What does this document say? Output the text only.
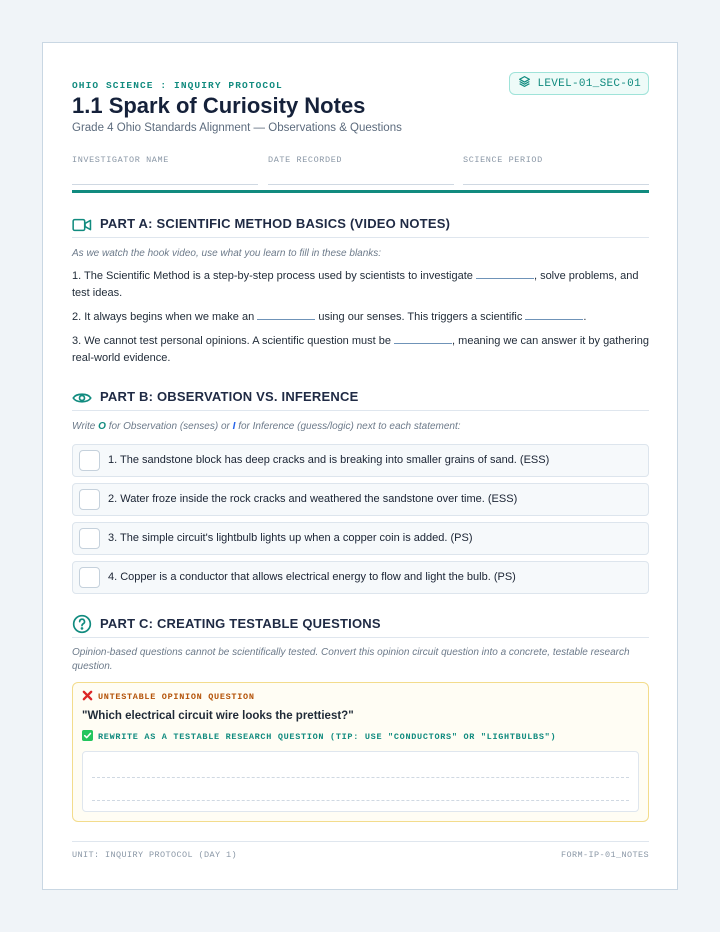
OHIO SCIENCE : INQUIRY PROTOCOL	LEVEL-01_SEC-01
1.1 Spark of Curiosity Notes
Grade 4 Ohio Standards Alignment — Observations & Questions
INVESTIGATOR NAME	DATE RECORDED	SCIENCE PERIOD
PART A: SCIENTIFIC METHOD BASICS (VIDEO NOTES)
As we watch the hook video, use what you learn to fill in these blanks:
1. The Scientific Method is a step-by-step process used by scientists to investigate	, solve problems, and test ideas.
2. It always begins when we make an	using our senses. This triggers a scientific	.
3. We cannot test personal opinions. A scientific question must be	, meaning we can answer it by gathering real-world evidence.
PART B: OBSERVATION VS. INFERENCE
Write O for Observation (senses) or I for Inference (guess/logic) next to each statement:
1. The sandstone block has deep cracks and is breaking into smaller grains of sand. (ESS)
2. Water froze inside the rock cracks and weathered the sandstone over time. (ESS)
3. The simple circuit's lightbulb lights up when a copper coin is added. (PS)
4. Copper is a conductor that allows electrical energy to flow and light the bulb. (PS)
PART C: CREATING TESTABLE QUESTIONS
Opinion-based questions cannot be scientifically tested. Convert this opinion circuit question into a concrete, testable research question.
UNTESTABLE OPINION QUESTION
"Which electrical circuit wire looks the prettiest?"
REWRITE AS A TESTABLE RESEARCH QUESTION (TIP: USE "CONDUCTORS" OR "LIGHTBULBS")
UNIT: INQUIRY PROTOCOL (DAY 1)	FORM-IP-01_NOTES
